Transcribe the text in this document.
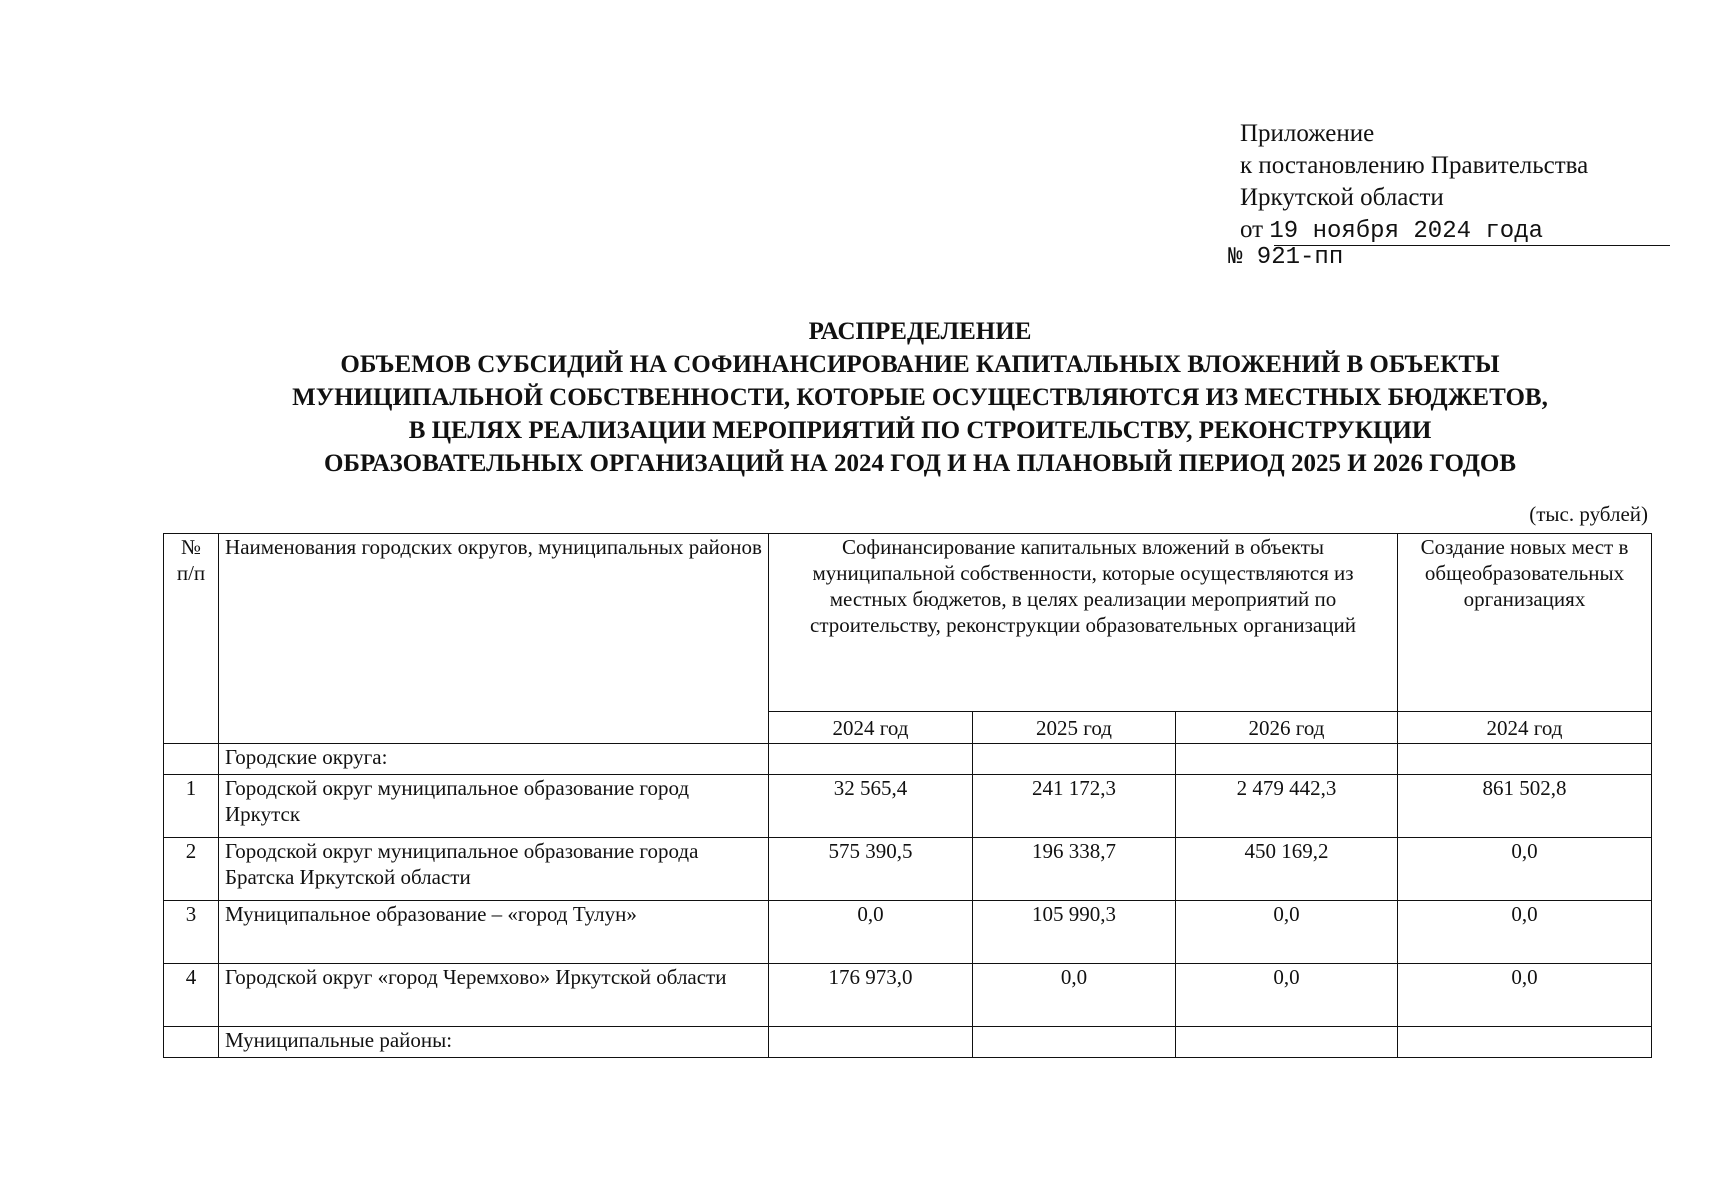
Приложение
к постановлению Правительства
Иркутской области
от 19 ноября 2024 года
№ 921-пп
РАСПРЕДЕЛЕНИЕ
ОБЪЕМОВ СУБСИДИЙ НА СОФИНАНСИРОВАНИЕ КАПИТАЛЬНЫХ ВЛОЖЕНИЙ В ОБЪЕКТЫ
МУНИЦИПАЛЬНОЙ СОБСТВЕННОСТИ, КОТОРЫЕ ОСУЩЕСТВЛЯЮТСЯ ИЗ МЕСТНЫХ БЮДЖЕТОВ,
В ЦЕЛЯХ РЕАЛИЗАЦИИ МЕРОПРИЯТИЙ ПО СТРОИТЕЛЬСТВУ, РЕКОНСТРУКЦИИ
ОБРАЗОВАТЕЛЬНЫХ ОРГАНИЗАЦИЙ НА 2024 ГОД И НА ПЛАНОВЫЙ ПЕРИОД 2025 И 2026 ГОДОВ
(тыс. рублей)
№ п/п	Наименования городских округов, муниципальных районов	Софинансирование капитальных вложений в объекты муниципальной собственности, которые осуществляются из местных бюджетов, в целях реализации мероприятий по строительству, реконструкции образовательных организаций			Создание новых мест в общеобразовательных организациях
		2024 год	2025 год	2026 год	2024 год
	Городские округа:				
1	Городской округ муниципальное образование город Иркутск	32 565,4	241 172,3	2 479 442,3	861 502,8
2	Городской округ муниципальное образование города Братска Иркутской области	575 390,5	196 338,7	450 169,2	0,0
3	Муниципальное образование – «город Тулун»	0,0	105 990,3	0,0	0,0
4	Городской округ «город Черемхово» Иркутской области	176 973,0	0,0	0,0	0,0
	Муниципальные районы:				
